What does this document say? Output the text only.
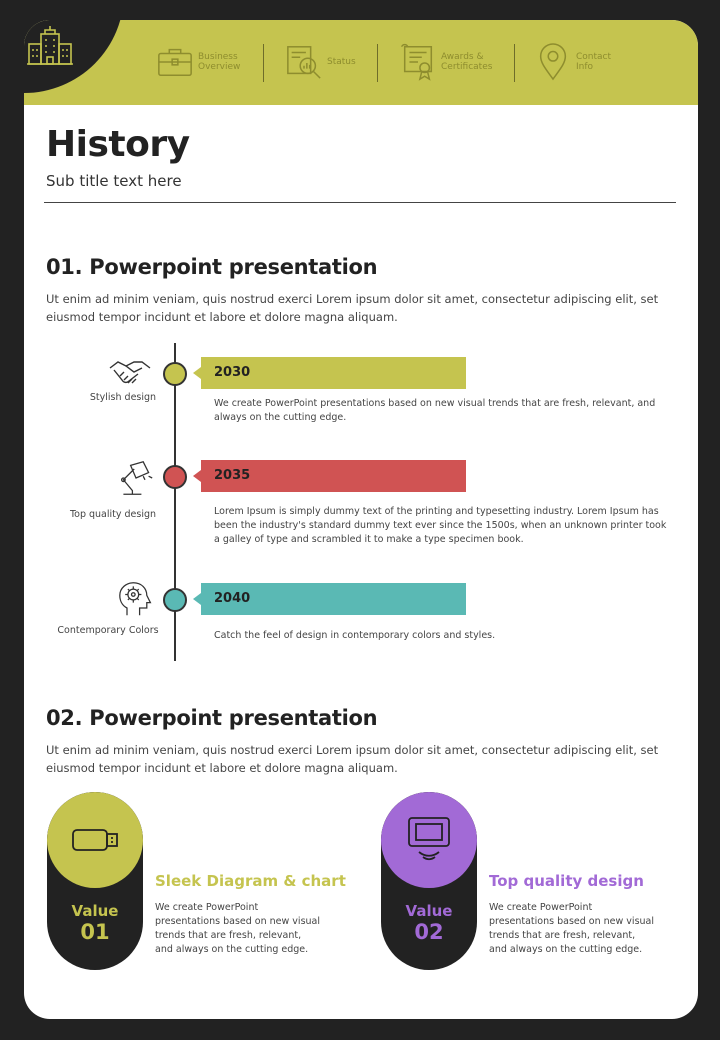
Business Overview	Status	Awards & Certificates
Contact Info
History
Sub title text here
01. Powerpoint presentation
Ut enim ad minim veniam, quis nostrud exerci Lorem ipsum dolor sit amet, consectetur adipiscing elit, set eiusmod tempor incidunt et labore et dolore magna aliquam.
Stylish design
2030
We create PowerPoint presentations based on new visual trends that are fresh, relevant, and always on the cutting edge.
Top quality design
2035
Lorem Ipsum is simply dummy text of the printing and typesetting industry. Lorem Ipsum has been the industry's standard dummy text ever since the 1500s, when an unknown printer took a galley of type and scrambled it to make a type specimen book.
Contemporary Colors
2040
Catch the feel of design in contemporary colors and styles.
02. Powerpoint presentation
Ut enim ad minim veniam, quis nostrud exerci Lorem ipsum dolor sit amet, consectetur adipiscing elit, set eiusmod tempor incidunt et labore et dolore magna aliquam.
Value
01
Sleek Diagram & chart
We create PowerPoint presentations based on new visual trends that are fresh, relevant, and always on the cutting edge.
Value
02
Top quality design
We create PowerPoint presentations based on new visual trends that are fresh, relevant, and always on the cutting edge.
